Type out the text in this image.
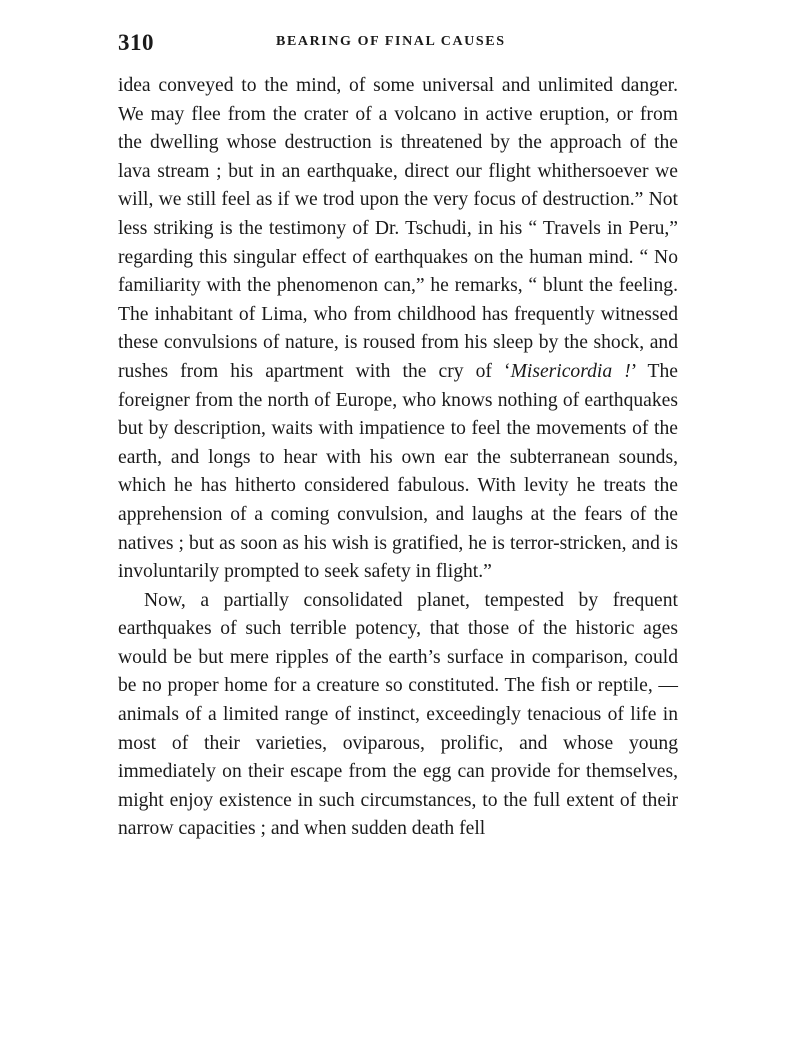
310	BEARING OF FINAL CAUSES

idea conveyed to the mind, of some universal and unlimited danger. We may flee from the crater of a volcano in active eruption, or from the dwelling whose destruction is threatened by the approach of the lava stream ; but in an earthquake, direct our flight whithersoever we will, we still feel as if we trod upon the very focus of destruction.” Not less striking is the testimony of Dr. Tschudi, in his “ Travels in Peru,” regarding this singular effect of earthquakes on the human mind. “ No familiarity with the phenomenon can,” he remarks, “ blunt the feeling. The inhabitant of Lima, who from childhood has frequently witnessed these convulsions of nature, is roused from his sleep by the shock, and rushes from his apartment with the cry of ‘Misericordia !’ The foreigner from the north of Europe, who knows nothing of earthquakes but by description, waits with impatience to feel the movements of the earth, and longs to hear with his own ear the subterranean sounds, which he has hitherto considered fabulous. With levity he treats the apprehension of a coming convulsion, and laughs at the fears of the natives ; but as soon as his wish is gratified, he is terror-stricken, and is involuntarily prompted to seek safety in flight.”

Now, a partially consolidated planet, tempested by frequent earthquakes of such terrible potency, that those of the historic ages would be but mere ripples of the earth’s surface in comparison, could be no proper home for a creature so constituted. The fish or reptile, — animals of a limited range of instinct, exceedingly tenacious of life in most of their varieties, oviparous, prolific, and whose young immediately on their escape from the egg can provide for themselves, might enjoy existence in such circumstances, to the full extent of their narrow capacities ; and when sudden death fell
